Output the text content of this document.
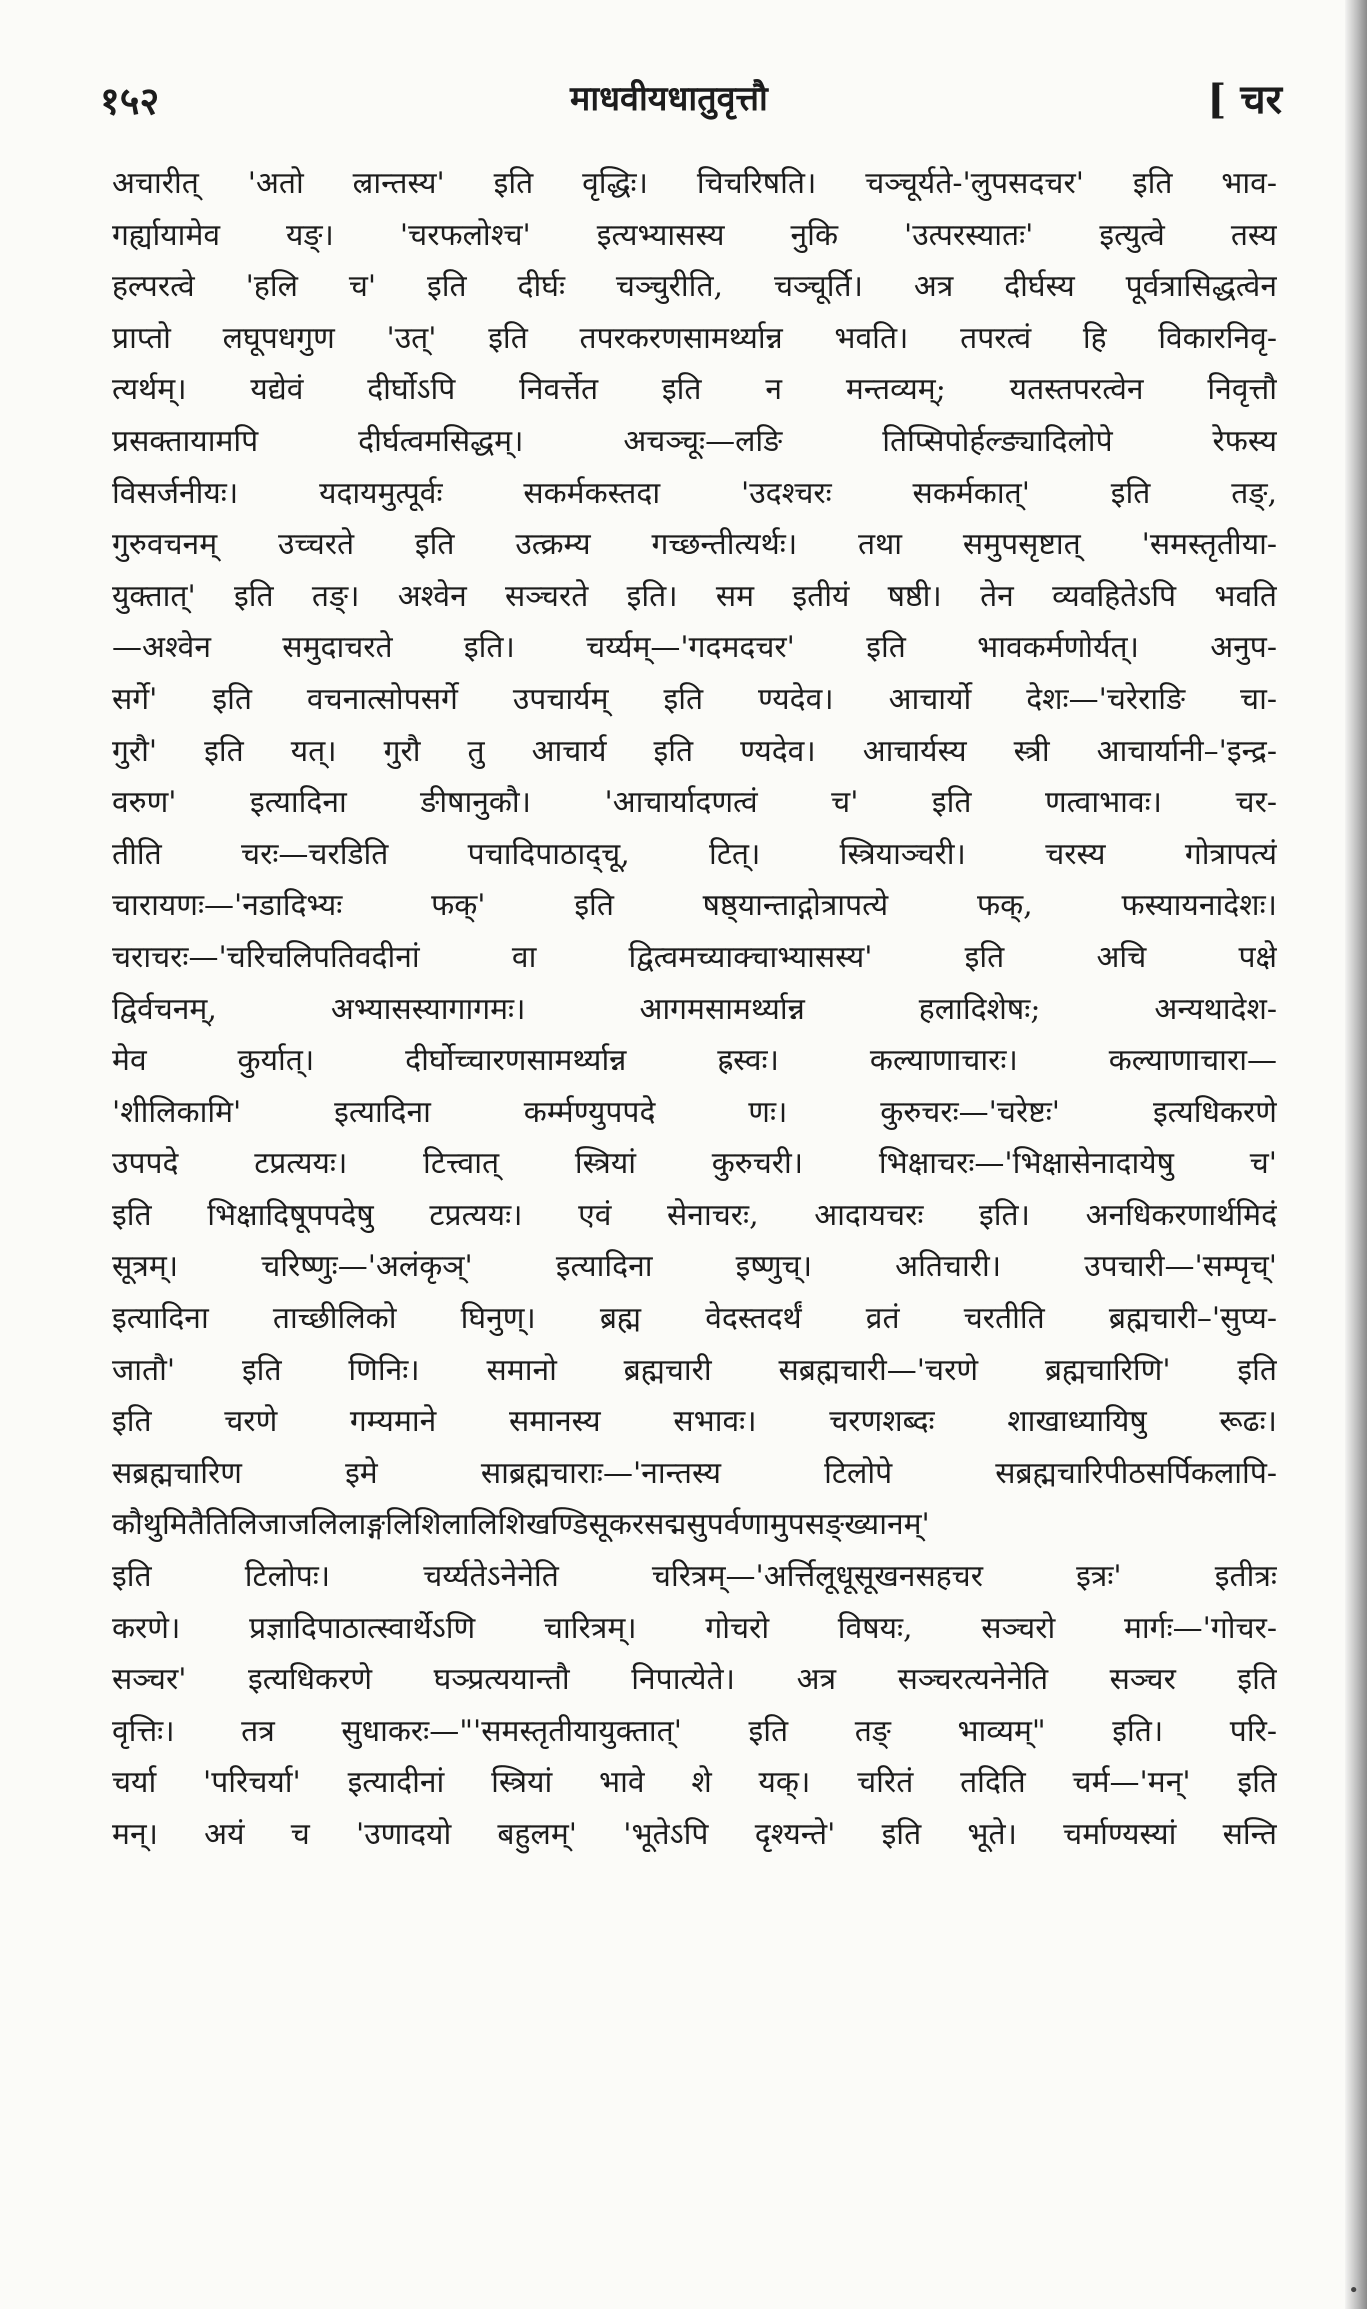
१५२	माधवीयधातुवृत्तौ	[ चर
अचारीत् 'अतो ल्रान्तस्य' इति वृद्धिः। चिचरिषति। चञ्चूर्यते-'लुपसदचर' इति भाव-
गर्ह्यायामेव यङ्। 'चरफलोश्च' इत्यभ्यासस्य नुकि 'उत्परस्यातः' इत्युत्वे तस्य
हल्परत्वे 'हलि च' इति दीर्घः चञ्चुरीति, चञ्चूर्ति। अत्र दीर्घस्य पूर्वत्रासिद्धत्वेन
प्राप्तो लघूपधगुण 'उत्' इति तपरकरणसामर्थ्यान्न भवति। तपरत्वं हि विकारनिवृ-
त्यर्थम्। यद्येवं दीर्घोऽपि निवर्त्तेत इति न मन्तव्यम्; यतस्तपरत्वेन निवृत्तौ
प्रसक्तायामपि दीर्घत्वमसिद्धम्। अचञ्चूः—लङि तिप्सिपोर्हल्ङ्यादिलोपे रेफस्य
विसर्जनीयः। यदायमुत्पूर्वः सकर्मकस्तदा 'उदश्चरः सकर्मकात्' इति तङ्,
गुरुवचनम् उच्चरते इति उत्क्रम्य गच्छन्तीत्यर्थः। तथा समुपसृष्टात् 'समस्तृतीया-
युक्तात्' इति तङ्। अश्वेन सञ्चरते इति। सम इतीयं षष्ठी। तेन व्यवहितेऽपि भवति
—अश्वेन समुदाचरते इति। चर्य्यम्—'गदमदचर' इति भावकर्मणोर्यत्। अनुप-
सर्गे' इति वचनात्सोपसर्गे उपचार्यम् इति ण्यदेव। आचार्यो देशः—'चरेराङि चा-
गुरौ' इति यत्। गुरौ तु आचार्य इति ण्यदेव। आचार्यस्य स्त्री आचार्यानी–'इन्द्र-
वरुण' इत्यादिना ङीषानुकौ। 'आचार्यादणत्वं च' इति णत्वाभावः। चर-
तीति चरः—चरडिति पचादिपाठाद्चू, टित्। स्त्रियाञ्चरी। चरस्य गोत्रापत्यं
चारायणः—'नडादिभ्यः फक्' इति षष्ठ्यान्ताद्गोत्रापत्ये फक्, फस्यायनादेशः।
चराचरः—'चरिचलिपतिवदीनां वा द्वित्वमच्याक्चाभ्यासस्य' इति अचि पक्षे
द्विर्वचनम्, अभ्यासस्यागागमः। आगमसामर्थ्यान्न हलादिशेषः; अन्यथादेश-
मेव कुर्यात्। दीर्घोच्चारणसामर्थ्यान्न ह्रस्वः। कल्याणाचारः। कल्याणाचारा—
'शीलिकामि' इत्यादिना कर्म्मण्युपपदे णः। कुरुचरः—'चरेष्टः' इत्यधिकरणे
उपपदे टप्रत्ययः। टित्त्वात् स्त्रियां कुरुचरी। भिक्षाचरः—'भिक्षासेनादायेषु च'
इति भिक्षादिषूपपदेषु टप्रत्ययः। एवं सेनाचरः, आदायचरः इति। अनधिकरणार्थमिदं
सूत्रम्। चरिष्णुः—'अलंकृञ्' इत्यादिना इष्णुच्। अतिचारी। उपचारी—'सम्पृच्'
इत्यादिना ताच्छीलिको घिनुण्। ब्रह्म वेदस्तदर्थं व्रतं चरतीति ब्रह्मचारी–'सुप्य-
जातौ' इति णिनिः। समानो ब्रह्मचारी सब्रह्मचारी—'चरणे ब्रह्मचारिणि' इति
इति चरणे गम्यमाने समानस्य सभावः। चरणशब्दः शाखाध्यायिषु रूढः।
सब्रह्मचारिण इमे साब्रह्मचाराः—'नान्तस्य टिलोपे सब्रह्मचारिपीठसर्पिकलापि-
कौथुमितैतिलिजाजलिलाङ्गलिशिलालिशिखण्डिसूकरसद्मसुपर्वणामुपसङ्ख्यानम्'
इति टिलोपः। चर्य्यतेऽनेनेति चरित्रम्—'अर्त्तिलूधूसूखनसहचर इत्रः' इतीत्रः
करणे। प्रज्ञादिपाठात्स्वार्थेऽणि चारित्रम्। गोचरो विषयः, सञ्चरो मार्गः—'गोचर-
सञ्चर' इत्यधिकरणे घञ्प्रत्ययान्तौ निपात्येते। अत्र सञ्चरत्यनेनेति सञ्चर इति
वृत्तिः। तत्र सुधाकरः—"'समस्तृतीयायुक्तात्' इति तङ् भाव्यम्" इति। परि-
चर्या 'परिचर्या' इत्यादीनां स्त्रियां भावे शे यक्। चरितं तदिति चर्म—'मन्' इति
मन्। अयं च 'उणादयो बहुलम्' 'भूतेऽपि दृश्यन्ते' इति भूते। चर्माण्यस्यां सन्ति
•
